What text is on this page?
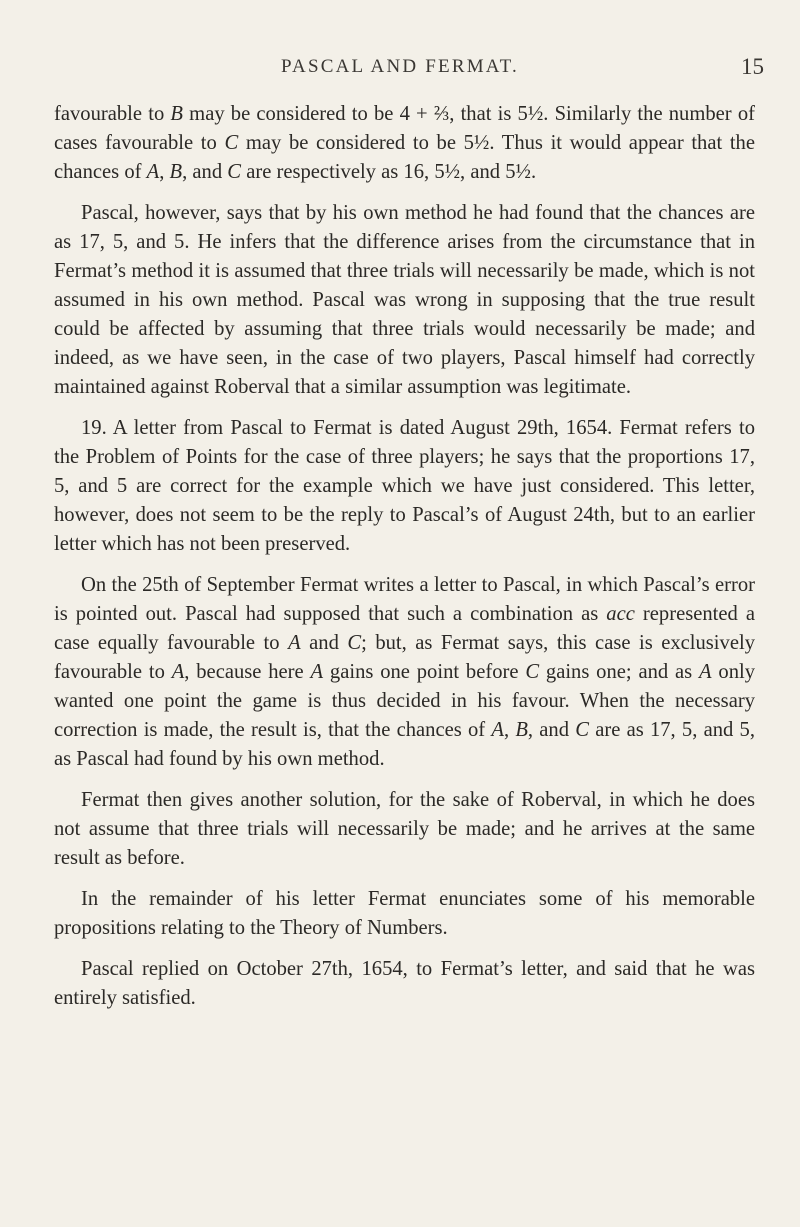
PASCAL AND FERMAT.	15

favourable to B may be considered to be 4 + ⅔, that is 5½. Similarly the number of cases favourable to C may be considered to be 5½. Thus it would appear that the chances of A, B, and C are respectively as 16, 5½, and 5½.

Pascal, however, says that by his own method he had found that the chances are as 17, 5, and 5. He infers that the difference arises from the circumstance that in Fermat’s method it is assumed that three trials will necessarily be made, which is not assumed in his own method. Pascal was wrong in supposing that the true result could be affected by assuming that three trials would necessarily be made; and indeed, as we have seen, in the case of two players, Pascal himself had correctly maintained against Roberval that a similar assumption was legitimate.

19. A letter from Pascal to Fermat is dated August 29th, 1654. Fermat refers to the Problem of Points for the case of three players; he says that the proportions 17, 5, and 5 are correct for the example which we have just considered. This letter, however, does not seem to be the reply to Pascal’s of August 24th, but to an earlier letter which has not been preserved.

On the 25th of September Fermat writes a letter to Pascal, in which Pascal’s error is pointed out. Pascal had supposed that such a combination as acc represented a case equally favourable to A and C; but, as Fermat says, this case is exclusively favourable to A, because here A gains one point before C gains one; and as A only wanted one point the game is thus decided in his favour. When the necessary correction is made, the result is, that the chances of A, B, and C are as 17, 5, and 5, as Pascal had found by his own method.

Fermat then gives another solution, for the sake of Roberval, in which he does not assume that three trials will necessarily be made; and he arrives at the same result as before.

In the remainder of his letter Fermat enunciates some of his memorable propositions relating to the Theory of Numbers.

Pascal replied on October 27th, 1654, to Fermat’s letter, and said that he was entirely satisfied.
